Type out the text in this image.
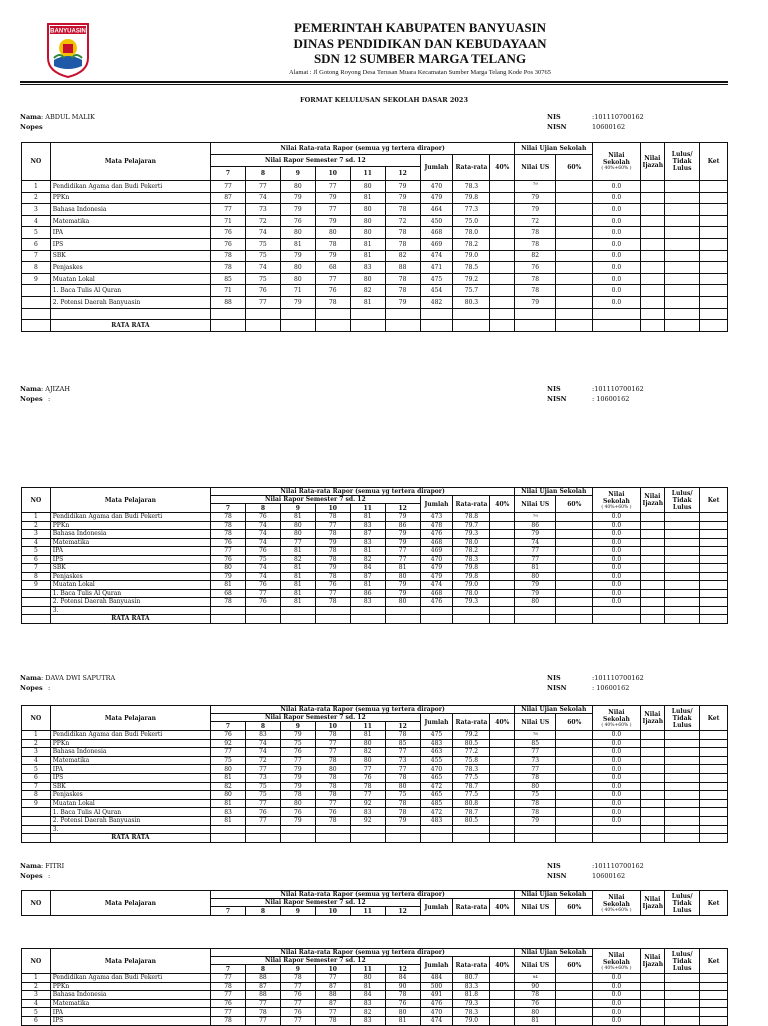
BANYUASIN	PEMERINTAH KABUPATEN BANYUASIN
DINAS PENDIDIKAN DAN KEBUDAYAAN
SDN 12 SUMBER MARGA TELANG
Alamat : Jl Gotong Royong Desa Terusan Muara Kecamatan Sumber Marga Telang Kode Pos 30765
FORMAT KELULUSAN SEKOLAH DASAR 2023
Nama : ABDUL MALIK
Nopes
NIS	:101110700162
NISN	10600162
NO	Mata Pelajaran	Nilai Rata-rata Rapor (semua yg tertera dirapor)									Nilai Ujian Sekolah		Nilai Sekolah
( 40%+60% )	Nilai Ijazah	Lulus/ Tidak Lulus	Ket
		Nilai Rapor Semester 7 sd. 12						Jumlah	Rata-rata	40%	Nilai US	60%				
		7	8	9	10	11	12									
1	Pendidikan Agama dan Budi Pekerti	77	77	80	77	80	79	470	78.3		79		0.0			
2	PPKn	87	74	79	79	81	79	479	79.8		79		0.0			
3	Bahasa Indonesia	77	73	79	77	80	78	464	77.3		79		0.0			
4	Matematika	71	72	76	79	80	72	450	75.0		72		0.0			
5	IPA	76	74	80	80	80	78	468	78.0		78		0.0			
6	IPS	76	75	81	78	81	78	469	78.2		78		0.0			
7	SBK	78	75	79	79	81	82	474	79.0		82		0.0			
8	Penjaskes	78	74	80	68	83	88	471	78.5		76		0.0			
9	Muatan Lokal	85	75	80	77	80	78	475	79.2		78		0.0			
	1. Baca Tulis Al Quran	71	76	71	76	82	78	454	75.7		78		0.0			
	2. Potensi Daerah Banyuasin	88	77	79	78	81	79	482	80.3		79		0.0			

	RATA RATA															
Nama : AJIZAH
Nopes :
NIS	:101110700162
NISN	: 10600162
NO	Mata Pelajaran	Nilai Rata-rata Rapor (semua yg tertera dirapor)									Nilai Ujian Sekolah		Nilai Sekolah
( 40%+60% )	Nilai Ijazah	Lulus/ Tidak Lulus	Ket
		Nilai Rapor Semester 7 sd. 12						Jumlah	Rata-rata	40%	Nilai US	60%				
		7	8	9	10	11	12									
1	Pendidikan Agama dan Budi Pekerti	78	76	81	78	81	79	473	78.8		79		0.0			
2	PPKn	78	74	80	77	83	86	478	79.7		86		0.0			
3	Bahasa Indonesia	78	74	80	78	87	79	476	79.3		79		0.0			
4	Matematika	76	74	77	79	83	79	468	78.0		74		0.0			
5	IPA	77	76	81	78	81	77	469	78.2		77		0.0			
6	IPS	76	75	82	78	82	77	470	78.3		77		0.0			
7	SBK	80	74	81	79	84	81	479	79.8		81		0.0			
8	Penjaskes	79	74	81	78	87	80	479	79.8		80		0.0			
9	Muatan Lokal	81	76	81	76	81	79	474	79.0		79		0.0			
	1. Baca Tulis Al Quran	68	77	81	77	86	79	468	78.0		79		0.0			
	2. Potensi Daerah Banyuasin	78	76	81	78	83	80	476	79.3		80		0.0			
	3.															
	RATA RATA															
Nama : DAVA DWI SAPUTRA
Nopes :
NIS	:101110700162
NISN	: 10600162
NO	Mata Pelajaran	Nilai Rata-rata Rapor (semua yg tertera dirapor)									Nilai Ujian Sekolah		Nilai Sekolah
( 40%+60% )	Nilai Ijazah	Lulus/ Tidak Lulus	Ket
		Nilai Rapor Semester 7 sd. 12						Jumlah	Rata-rata	40%	Nilai US	60%				
		7	8	9	10	11	12									
1	Pendidikan Agama dan Budi Pekerti	76	83	79	78	81	78	475	79.2		78		0.0			
2	PPKn	92	74	75	77	80	85	483	80.5		85		0.0			
3	Bahasa Indonesia	77	74	76	77	82	77	463	77.2		77		0.0			
4	Matematika	75	72	77	78	80	73	455	75.8		73		0.0			
5	IPA	80	77	79	80	77	77	470	78.3		77		0.0			
6	IPS	81	73	79	78	76	78	465	77.5		78		0.0			
7	SBK	82	75	79	78	78	80	472	78.7		80		0.0			
8	Penjaskes	80	75	78	78	77	75	465	77.5		75		0.0			
9	Muatan Lokal	81	77	80	77	92	78	485	80.8		78		0.0			
	1. Baca Tulis Al Quran	83	76	76	76	83	78	472	78.7		78		0.0			
	2. Potensi Daerah Banyuasin	81	77	79	78	92	79	483	80.5		79		0.0			
	3.															
	RATA RATA															
Nama : FITRI
Nopes :
NIS	:101110700162
NISN	10600162
NO	Mata Pelajaran	Nilai Rata-rata Rapor (semua yg tertera dirapor)									Nilai Ujian Sekolah		Nilai Sekolah
( 40%+60% )	Nilai Ijazah	Lulus/ Tidak Lulus	Ket
		Nilai Rapor Semester 7 sd. 12						Jumlah	Rata-rata	40%	Nilai US	60%				
		7	8	9	10	11	12									
1	Pendidikan Agama dan Budi Pekerti	77	88	78	77	80	84	484	80.7		84		0.0			
2	PPKn	78	87	77	87	81	90	500	83.3		90		0.0			
3	Bahasa Indonesia	77	88	76	88	84	78	491	81.8		78		0.0			
4	Matematika	76	77	77	87	83	76	476	79.3		76		0.0			
5	IPA	77	78	76	77	82	80	470	78.3		80		0.0			
6	IPS	78	77	77	78	83	81	474	79.0		81		0.0			
NO	Mata Pelajaran	Nilai Rata-rata Rapor (semua yg tertera dirapor)									Nilai Ujian Sekolah		Nilai Sekolah
( 40%+60% )	Nilai Ijazah	Lulus/ Tidak Lulus	Ket
		Nilai Rapor Semester 7 sd. 12						Jumlah	Rata-rata	40%	Nilai US	60%				
		7	8	9	10	11	12									
